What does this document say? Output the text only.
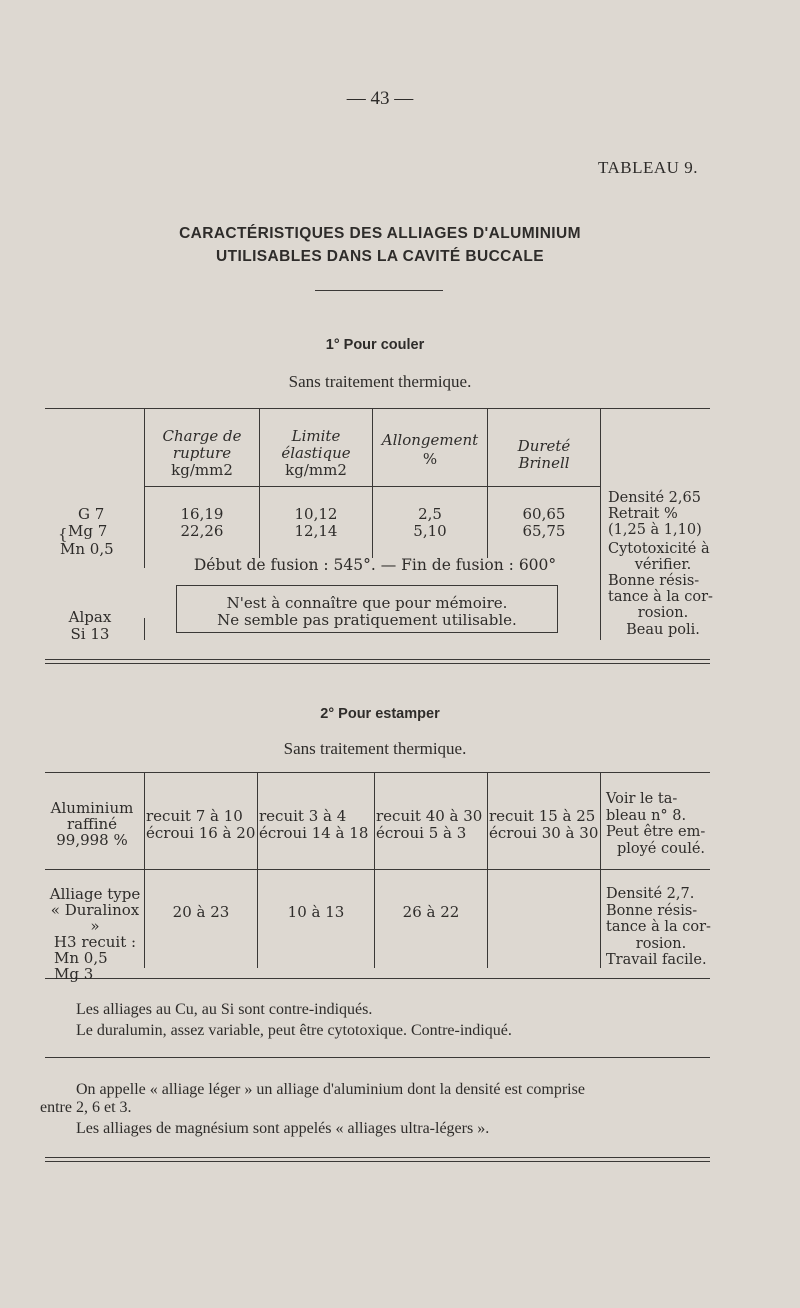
— 43 —
TABLEAU 9.
CARACTÉRISTIQUES DES ALLIAGES D'ALUMINIUM
UTILISABLES DANS LA CAVITÉ BUCCALE
1° Pour couler
Sans traitement thermique.
Charge de
rupture
kg/mm2
Limite
élastique
kg/mm2
Allongement
%
Dureté
Brinell
G 7
{ Mg 7
Mn 0,5
16,19
22,26
10,12
12,14
2,5
5,10
60,65
65,75
Début de fusion : 545°. — Fin de fusion : 600°
N'est à connaître que pour mémoire.
Ne semble pas pratiquement utilisable.
Alpax
Si 13
Densité 2,65
Retrait %
(1,25 à 1,10)
Cytotoxicité à
vérifier.
Bonne résis-
tance à la cor-
rosion.
Beau poli.
2° Pour estamper
Sans traitement thermique.
Aluminium
raffiné
99,998 %
recuit 7 à 10
écroui 16 à 20
recuit 3 à 4
écroui 14 à 18
recuit 40 à 30
écroui 5 à 3
recuit 15 à 25
écroui 30 à 30
Voir le ta-
bleau n° 8.
Peut être em-
ployé coulé.
Alliage type
« Duralinox »
H3 recuit :
Mn 0,5
Mg 3
20 à 23	10 à 13	26 à 22
Densité 2,7.
Bonne résis-
tance à la cor-
rosion.
Travail facile.
Les alliages au Cu, au Si sont contre-indiqués.
Le duralumin, assez variable, peut être cytotoxique. Contre-indiqué.
On appelle « alliage léger » un alliage d'aluminium dont la densité est comprise
entre 2, 6 et 3.
Les alliages de magnésium sont appelés « alliages ultra-légers ».
